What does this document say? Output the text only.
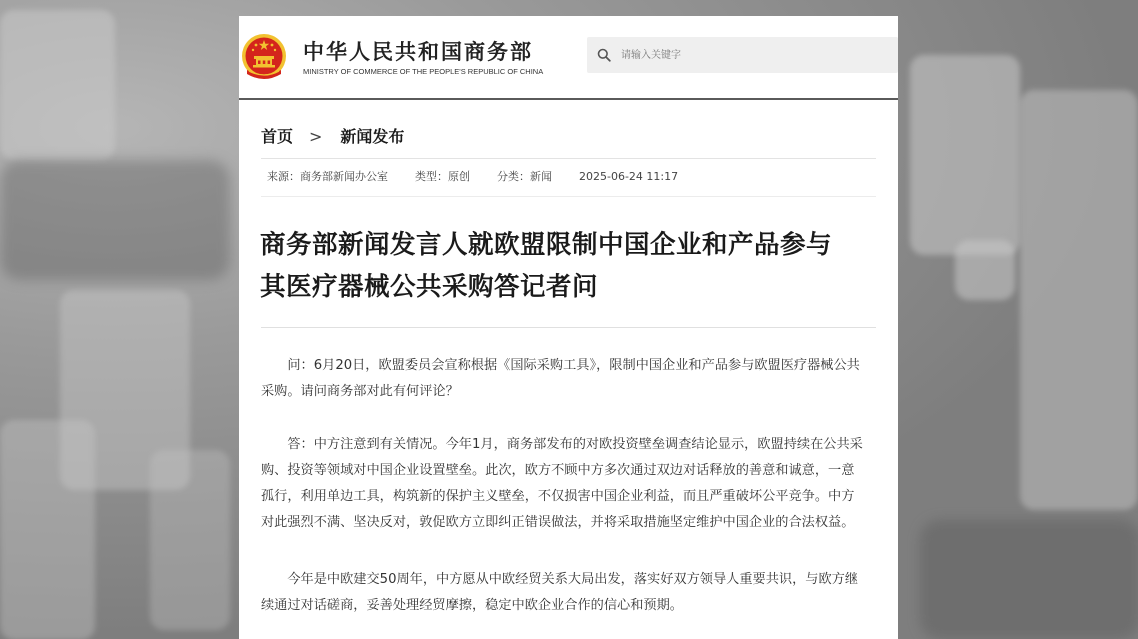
中华人民共和国商务部
MINISTRY OF COMMERCE OF THE PEOPLE'S REPUBLIC OF CHINA
请输入关键字
首页 > 新闻发布
来源：商务部新闻办公室 类型：原创 分类：新闻 2025-06-24 11:17
商务部新闻发言人就欧盟限制中国企业和产品参与
其医疗器械公共采购答记者问
　　问：6月20日，欧盟委员会宣称根据《国际采购工具》，限制中国企业和产品参与欧盟医疗器械公共
采购。请问商务部对此有何评论？
　　答：中方注意到有关情况。今年1月，商务部发布的对欧投资壁垒调查结论显示，欧盟持续在公共采
购、投资等领域对中国企业设置壁垒。此次，欧方不顾中方多次通过双边对话释放的善意和诚意，一意
孤行，利用单边工具，构筑新的保护主义壁垒，不仅损害中国企业利益，而且严重破坏公平竞争。中方
对此强烈不满、坚决反对，敦促欧方立即纠正错误做法，并将采取措施坚定维护中国企业的合法权益。
　　今年是中欧建交50周年，中方愿从中欧经贸关系大局出发，落实好双方领导人重要共识，与欧方继
续通过对话磋商，妥善处理经贸摩擦，稳定中欧企业合作的信心和预期。
